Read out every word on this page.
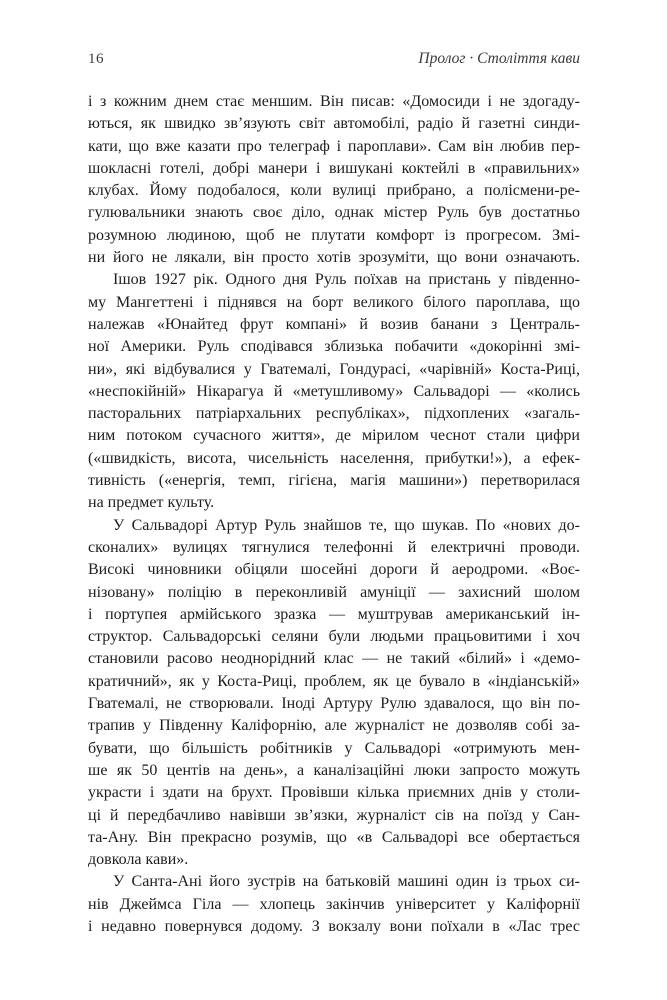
16	Пролог · Століття кави
і з кожним днем стає меншим. Він писав: «Домосиди і не здогаду-
ються, як швидко зв’язують світ автомобілі, радіо й газетні синди-
кати, що вже казати про телеграф і пароплави». Сам він любив пер-
шокласні готелі, добрі манери і вишукані коктейлі в «правильних»
клубах. Йому подобалося, коли вулиці прибрано, а полісмени-ре-
гулювальники знають своє діло, однак містер Руль був достатньо
розумною людиною, щоб не плутати комфорт із прогресом. Змі-
ни його не лякали, він просто хотів зрозуміти, що вони означають.
Ішов 1927 рік. Одного дня Руль поїхав на пристань у південно-
му Мангеттені і піднявся на борт великого білого пароплава, що
належав «Юнайтед фрут компані» й возив банани з Централь-
ної Америки. Руль сподівався зблизька побачити «докорінні змі-
ни», які відбувалися у Гватемалі, Гондурасі, «чарівній» Коста-Риці,
«неспокійній» Нікарагуа й «метушливому» Сальвадорі — «колись
пасторальних патріархальних республіках», підхоплених «загаль-
ним потоком сучасного життя», де мірилом чеснот стали цифри
(«швидкість, висота, чисельність населення, прибутки!»), а ефек-
тивність («енергія, темп, гігієна, магія машини») перетворилася
на предмет культу.
У Сальвадорі Артур Руль знайшов те, що шукав. По «нових до-
сконалих» вулицях тягнулися телефонні й електричні проводи.
Високі чиновники обіцяли шосейні дороги й аеродроми. «Воє-
нізовану» поліцію в переконливій амуніції — захисний шолом
і портупея армійського зразка — муштрував американський ін-
структор. Сальвадорські селяни були людьми працьовитими і хоч
становили расово неоднорідний клас — не такий «білий» і «демо-
кратичний», як у Коста-Риці, проблем, як це бувало в «індіанській»
Гватемалі, не створювали. Іноді Артуру Рулю здавалося, що він по-
трапив у Південну Каліфорнію, але журналіст не дозволяв собі за-
бувати, що більшість робітників у Сальвадорі «отримують мен-
ше як 50 центів на день», а каналізаційні люки запросто можуть
украсти і здати на брухт. Провівши кілька приємних днів у столи-
ці й передбачливо навівши зв’язки, журналіст сів на поїзд у Сан-
та-Ану. Він прекрасно розумів, що «в Сальвадорі все обертається
довкола кави».
У Санта-Ані його зустрів на батьковій машині один із трьох си-
нів Джеймса Гіла — хлопець закінчив університет у Каліфорнії
і недавно повернувся додому. З вокзалу вони поїхали в «Лас трес
